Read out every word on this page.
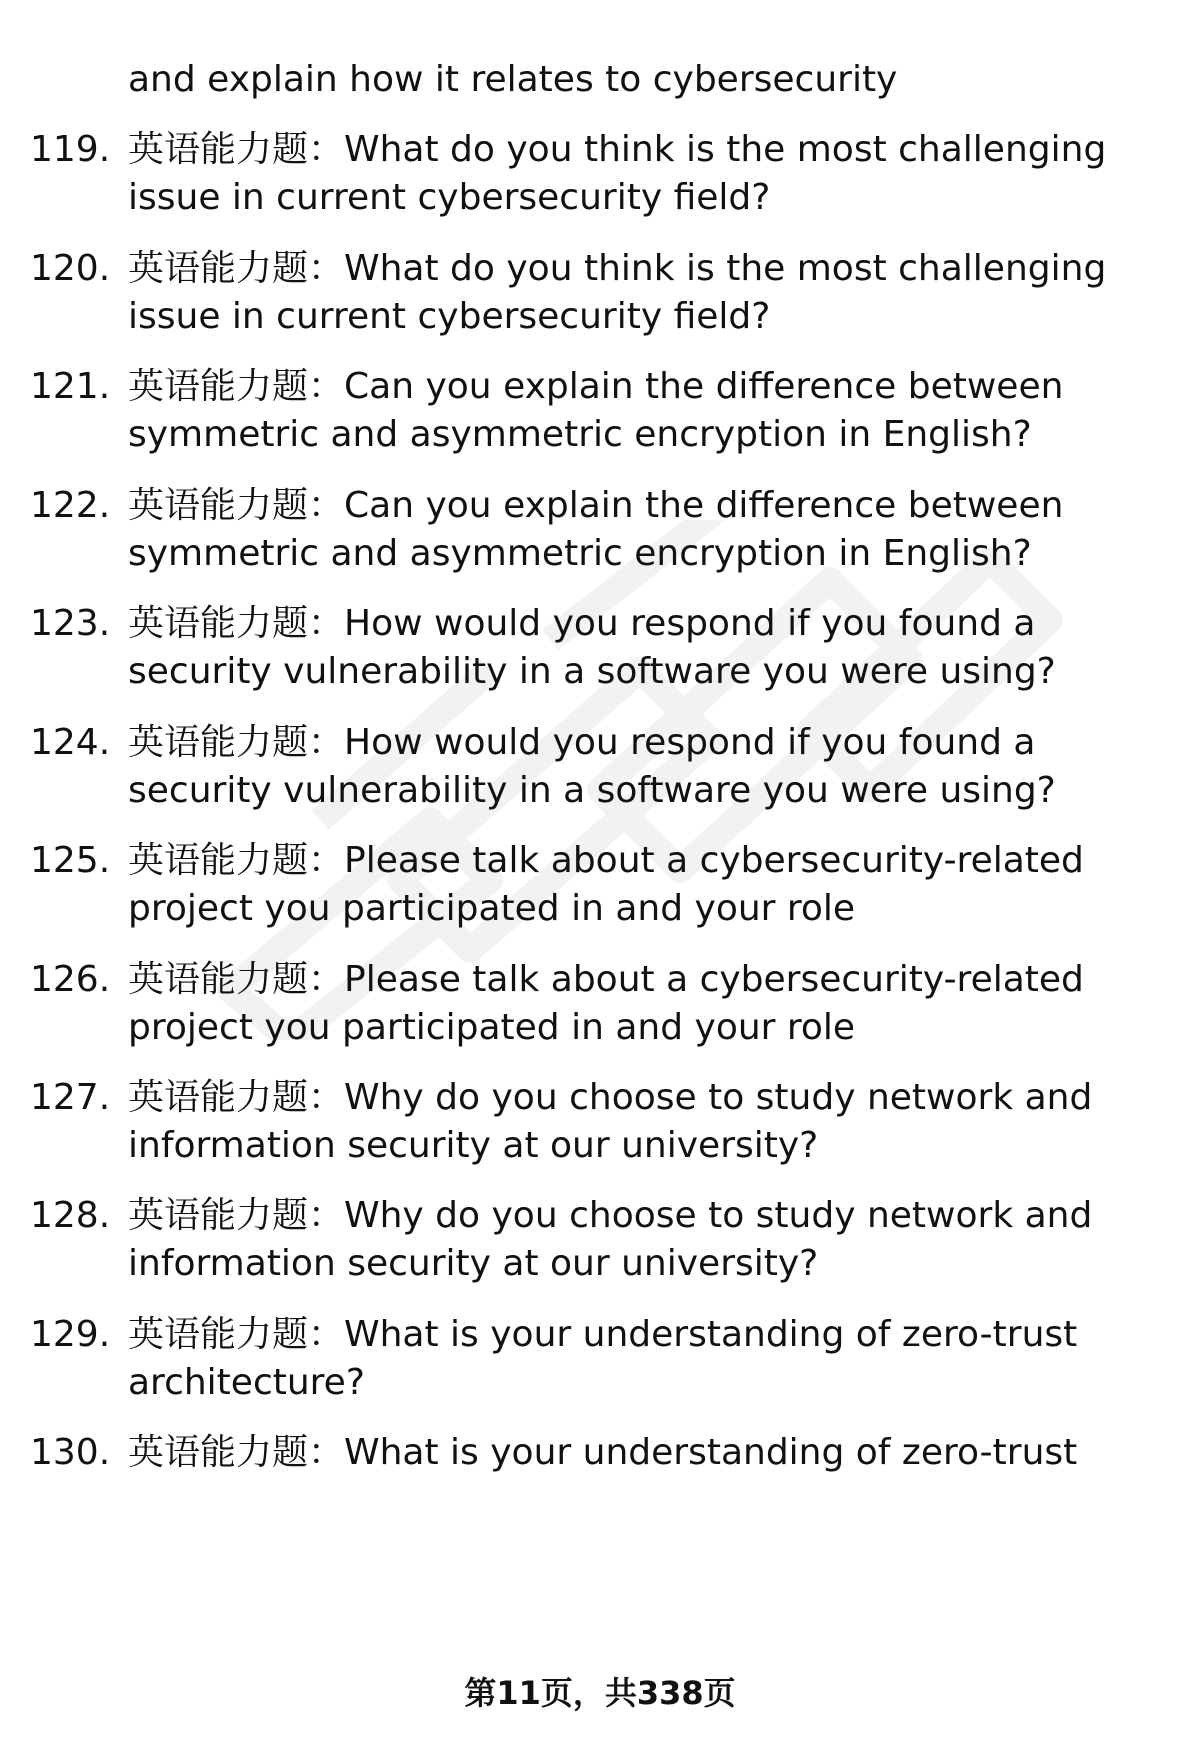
and explain how it relates to cybersecurity
119. 英语能力题：What do you think is the most challenging
issue in current cybersecurity field?
120. 英语能力题：What do you think is the most challenging
issue in current cybersecurity field?
121. 英语能力题：Can you explain the difference between
symmetric and asymmetric encryption in English?
122. 英语能力题：Can you explain the difference between
symmetric and asymmetric encryption in English?
123. 英语能力题：How would you respond if you found a
security vulnerability in a software you were using?
124. 英语能力题：How would you respond if you found a
security vulnerability in a software you were using?
125. 英语能力题：Please talk about a cybersecurity-related
project you participated in and your role
126. 英语能力题：Please talk about a cybersecurity-related
project you participated in and your role
127. 英语能力题：Why do you choose to study network and
information security at our university?
128. 英语能力题：Why do you choose to study network and
information security at our university?
129. 英语能力题：What is your understanding of zero-trust
architecture?
130. 英语能力题：What is your understanding of zero-trust
第11页，共338页
